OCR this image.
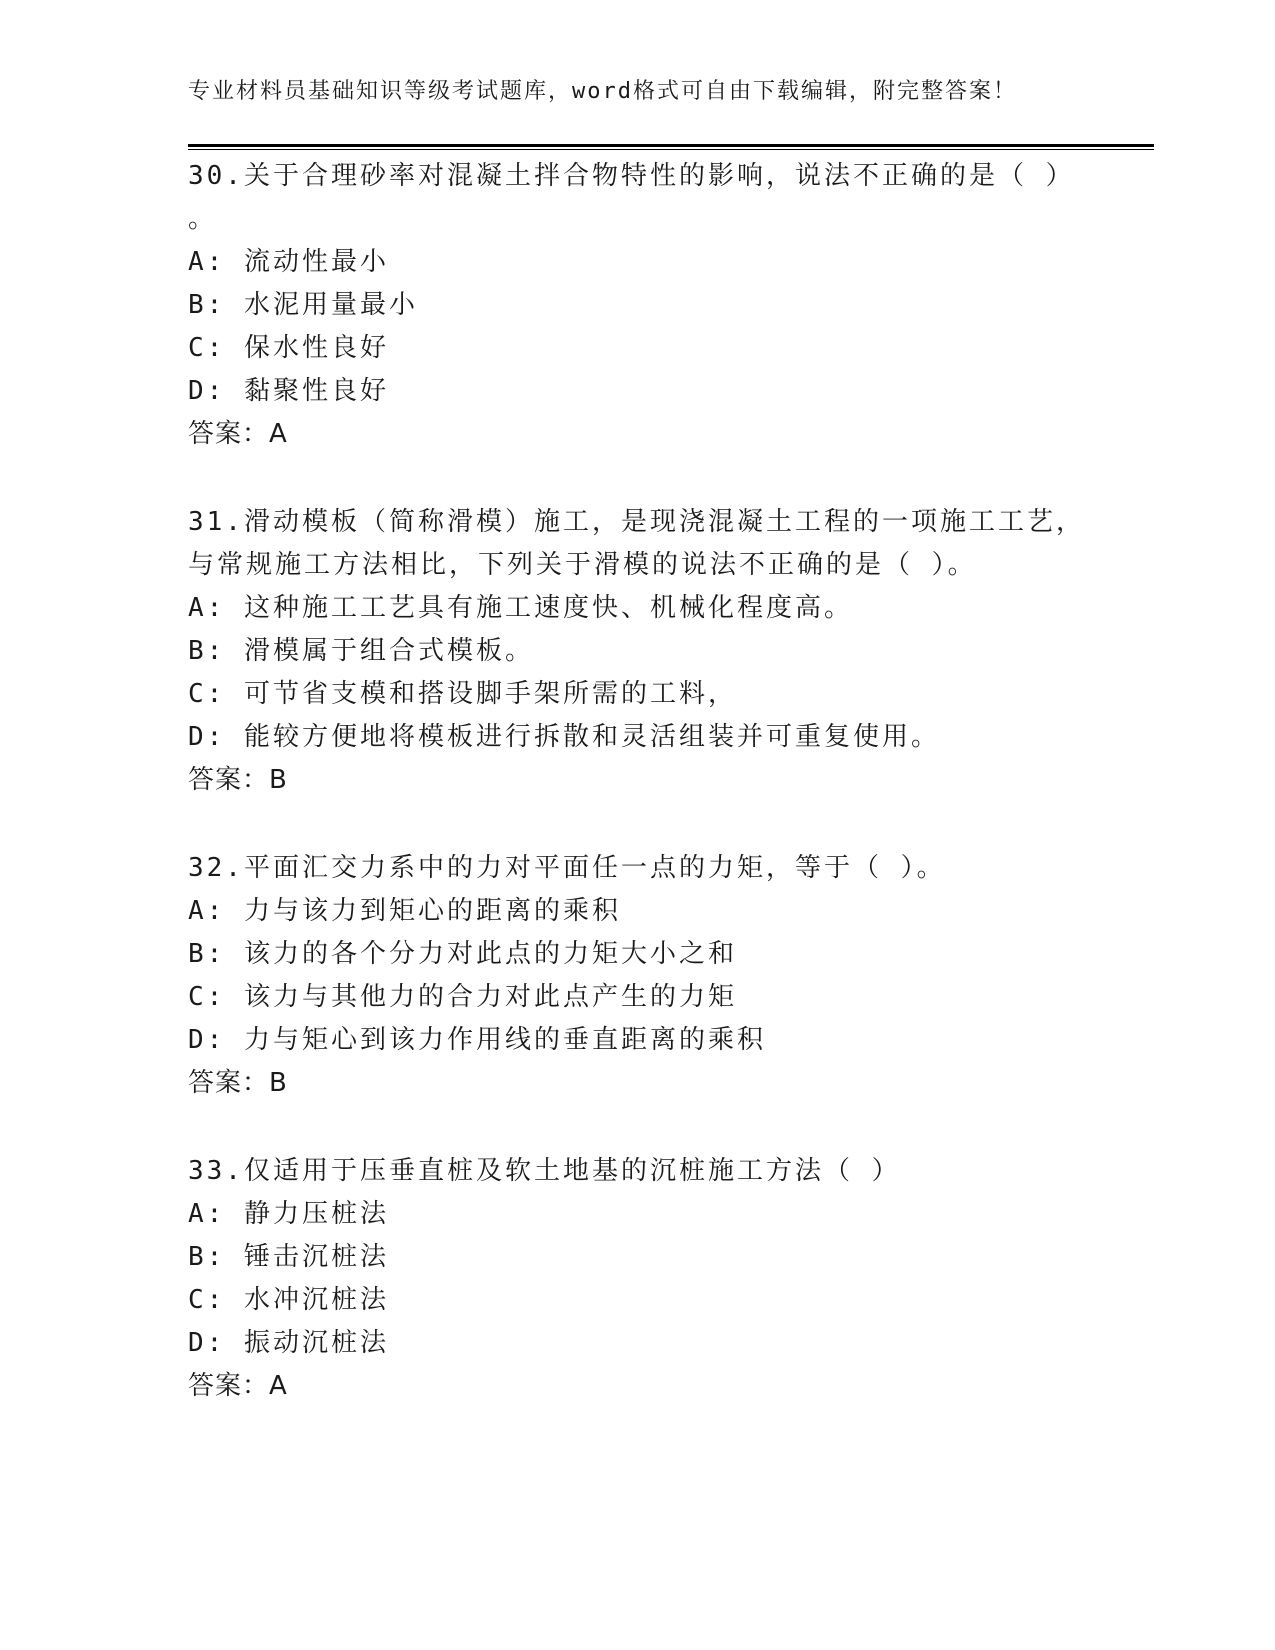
专业材料员基础知识等级考试题库，word格式可自由下载编辑，附完整答案！
30.关于合理砂率对混凝土拌合物特性的影响，说法不正确的是（ ）
。
A: 流动性最小
B: 水泥用量最小
C: 保水性良好
D: 黏聚性良好
答案：A
31.滑动模板（简称滑模）施工，是现浇混凝土工程的一项施工工艺，
与常规施工方法相比，下列关于滑模的说法不正确的是（ ）。
A: 这种施工工艺具有施工速度快、机械化程度高。
B: 滑模属于组合式模板。
C: 可节省支模和搭设脚手架所需的工料，
D: 能较方便地将模板进行拆散和灵活组装并可重复使用。
答案：B
32.平面汇交力系中的力对平面任一点的力矩，等于（ ）。
A: 力与该力到矩心的距离的乘积
B: 该力的各个分力对此点的力矩大小之和
C: 该力与其他力的合力对此点产生的力矩
D: 力与矩心到该力作用线的垂直距离的乘积
答案：B
33.仅适用于压垂直桩及软土地基的沉桩施工方法（ ）
A: 静力压桩法
B: 锤击沉桩法
C: 水冲沉桩法
D: 振动沉桩法
答案：A
